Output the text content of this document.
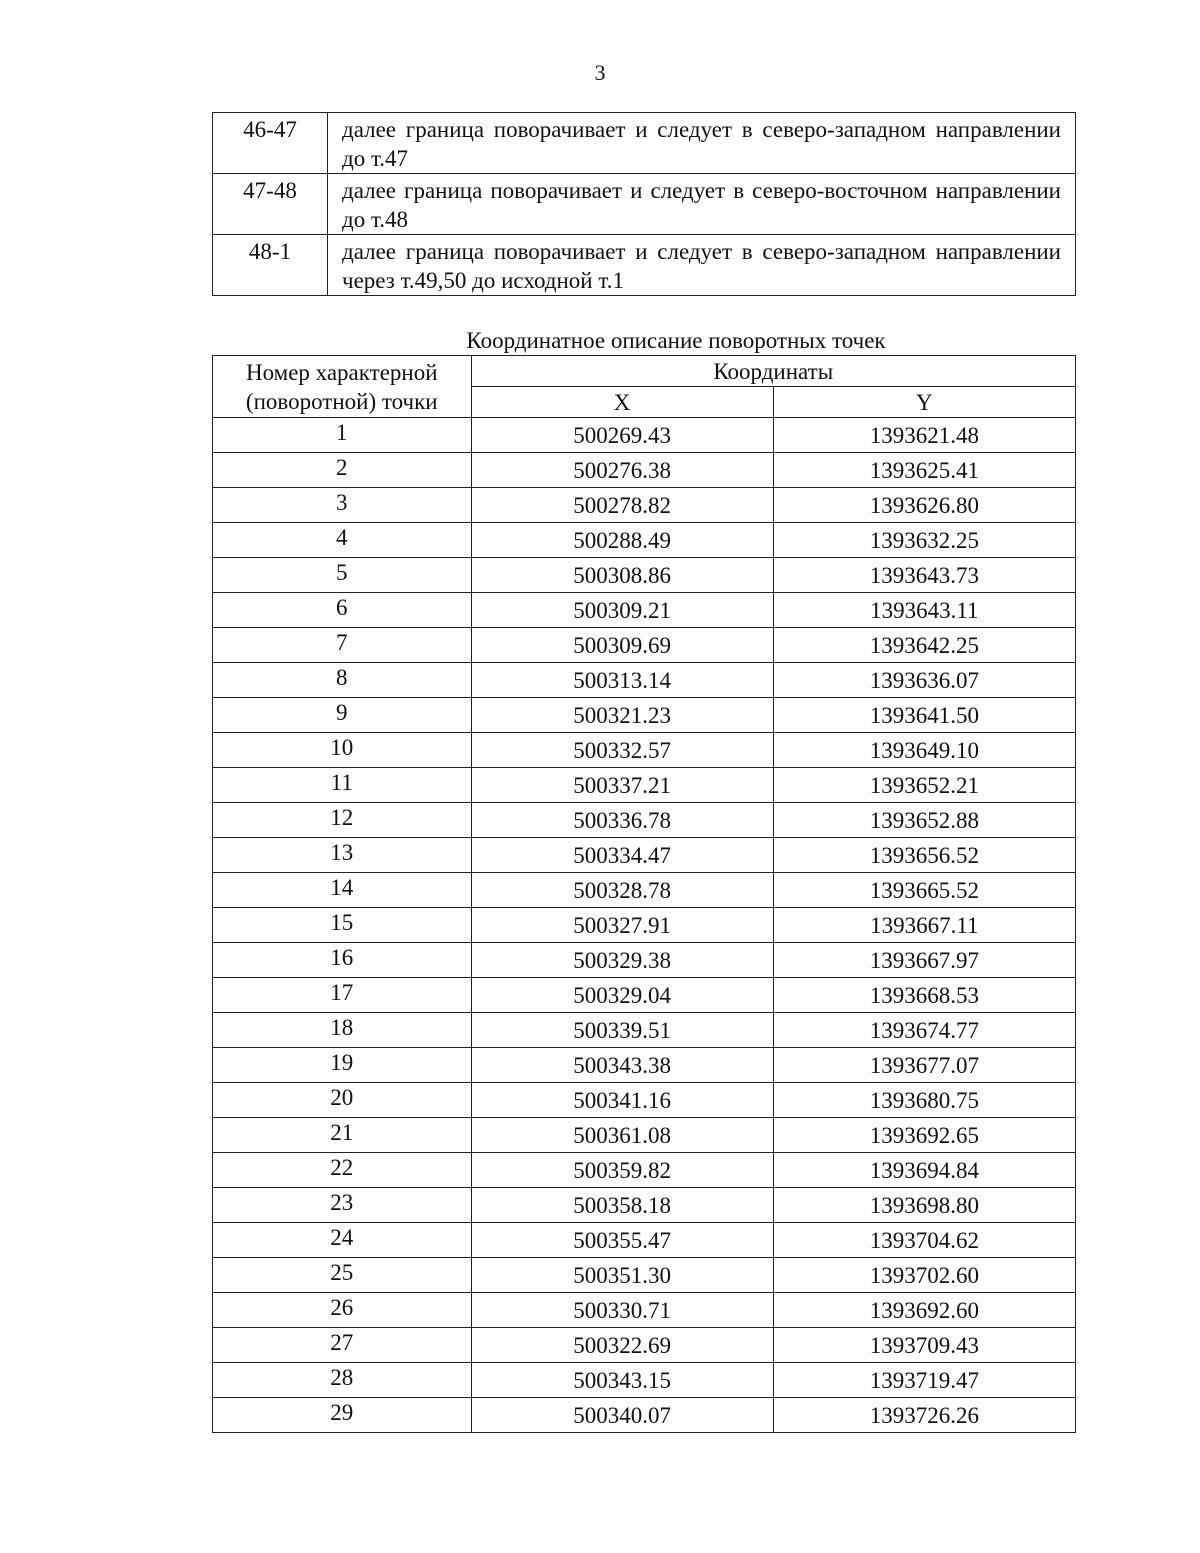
3
46-47	далее граница поворачивает и следует в северо-западном направлении до т.47
47-48	далее граница поворачивает и следует в северо-восточном направлении до т.48
48-1	далее граница поворачивает и следует в северо-западном направлении через т.49,50 до исходной т.1
Координатное описание поворотных точек
Номер характерной
(поворотной) точки	Координаты	
	X	Y
1	500269.43	1393621.48
2	500276.38	1393625.41
3	500278.82	1393626.80
4	500288.49	1393632.25
5	500308.86	1393643.73
6	500309.21	1393643.11
7	500309.69	1393642.25
8	500313.14	1393636.07
9	500321.23	1393641.50
10	500332.57	1393649.10
11	500337.21	1393652.21
12	500336.78	1393652.88
13	500334.47	1393656.52
14	500328.78	1393665.52
15	500327.91	1393667.11
16	500329.38	1393667.97
17	500329.04	1393668.53
18	500339.51	1393674.77
19	500343.38	1393677.07
20	500341.16	1393680.75
21	500361.08	1393692.65
22	500359.82	1393694.84
23	500358.18	1393698.80
24	500355.47	1393704.62
25	500351.30	1393702.60
26	500330.71	1393692.60
27	500322.69	1393709.43
28	500343.15	1393719.47
29	500340.07	1393726.26
